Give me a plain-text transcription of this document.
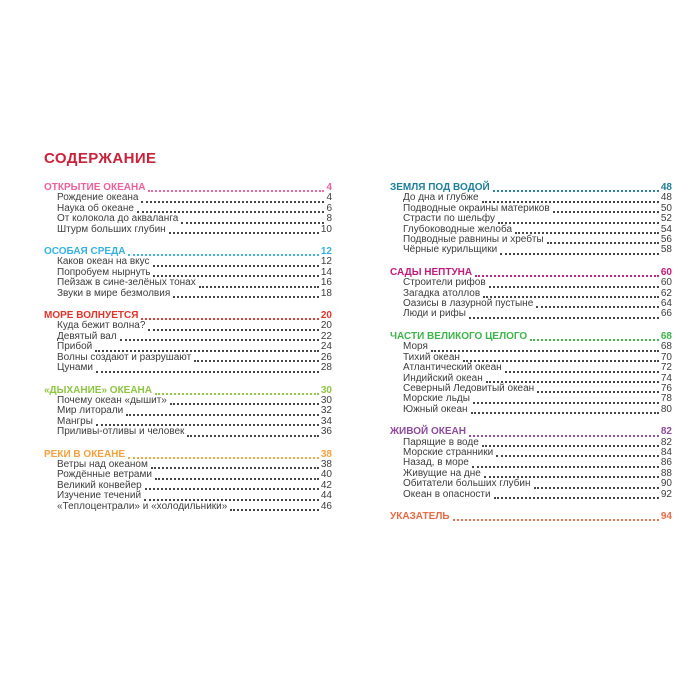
СОДЕРЖАНИЕ
ОТКРЫТИЕ ОКЕАНА	4
Рождение океана	4
Наука об океане	6
От колокола до акваланга	8
Штурм больших глубин	10
ОСОБАЯ СРЕДА	12
Каков океан на вкус	12
Попробуем нырнуть	14
Пейзаж в сине-зелёных тонах	16
Звуки в мире безмолвия	18
МОРЕ ВОЛНУЕТСЯ	20
Куда бежит волна?	20
Девятый вал	22
Прибой	24
Волны создают и разрушают	26
Цунами	28
«ДЫХАНИЕ» ОКЕАНА	30
Почему океан «дышит»	30
Мир литорали	32
Мангры	34
Приливы-отливы и человек	36
РЕКИ В ОКЕАНЕ	38
Ветры над океаном	38
Рождённые ветрами	40
Великий конвейер	42
Изучение течений	44
«Теплоцентрали» и «холодильники»	46
ЗЕМЛЯ ПОД ВОДОЙ	48
До дна и глубже	48
Подводные окраины материков	50
Страсти по шельфу	52
Глубоководные желоба	54
Подводные равнины и хребты	56
Чёрные курильщики	58
САДЫ НЕПТУНА	60
Строители рифов	60
Загадка атоллов	62
Оазисы в лазурной пустыне	64
Люди и рифы	66
ЧАСТИ ВЕЛИКОГО ЦЕЛОГО	68
Моря	68
Тихий океан	70
Атлантический океан	72
Индийский океан	74
Северный Ледовитый океан	76
Морские льды	78
Южный океан	80
ЖИВОЙ ОКЕАН	82
Парящие в воде	82
Морские странники	84
Назад, в море	86
Живущие на дне	88
Обитатели больших глубин	90
Океан в опасности	92
УКАЗАТЕЛЬ	94
